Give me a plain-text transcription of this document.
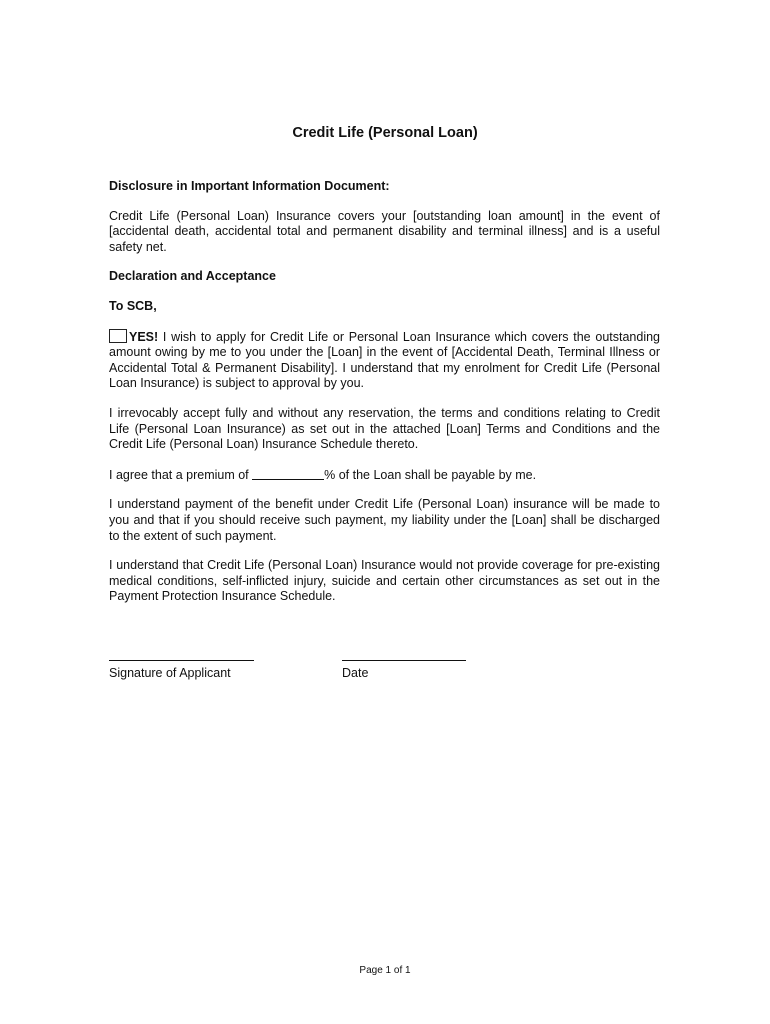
Credit Life (Personal Loan)
Disclosure in Important Information Document:
Credit Life (Personal Loan) Insurance covers your [outstanding loan amount] in the event of [accidental death, accidental total and permanent disability and terminal illness] and is a useful safety net.
Declaration and Acceptance
To SCB,
YES! I wish to apply for Credit Life or Personal Loan Insurance which covers the outstanding amount owing by me to you under the [Loan] in the event of [Accidental Death, Terminal Illness or Accidental Total & Permanent Disability]. I understand that my enrolment for Credit Life (Personal Loan Insurance) is subject to approval by you.
I irrevocably accept fully and without any reservation, the terms and conditions relating to Credit Life (Personal Loan Insurance) as set out in the attached [Loan] Terms and Conditions and the Credit Life (Personal Loan) Insurance Schedule thereto.
I agree that a premium of	% of the Loan shall be payable by me.
I understand payment of the benefit under Credit Life (Personal Loan) insurance will be made to you and that if you should receive such payment, my liability under the [Loan] shall be discharged to the extent of such payment.
I understand that Credit Life (Personal Loan) Insurance would not provide coverage for pre-existing medical conditions, self-inflicted injury, suicide and certain other circumstances as set out in the Payment Protection Insurance Schedule.
Signature of Applicant	Date
Page 1 of 1
